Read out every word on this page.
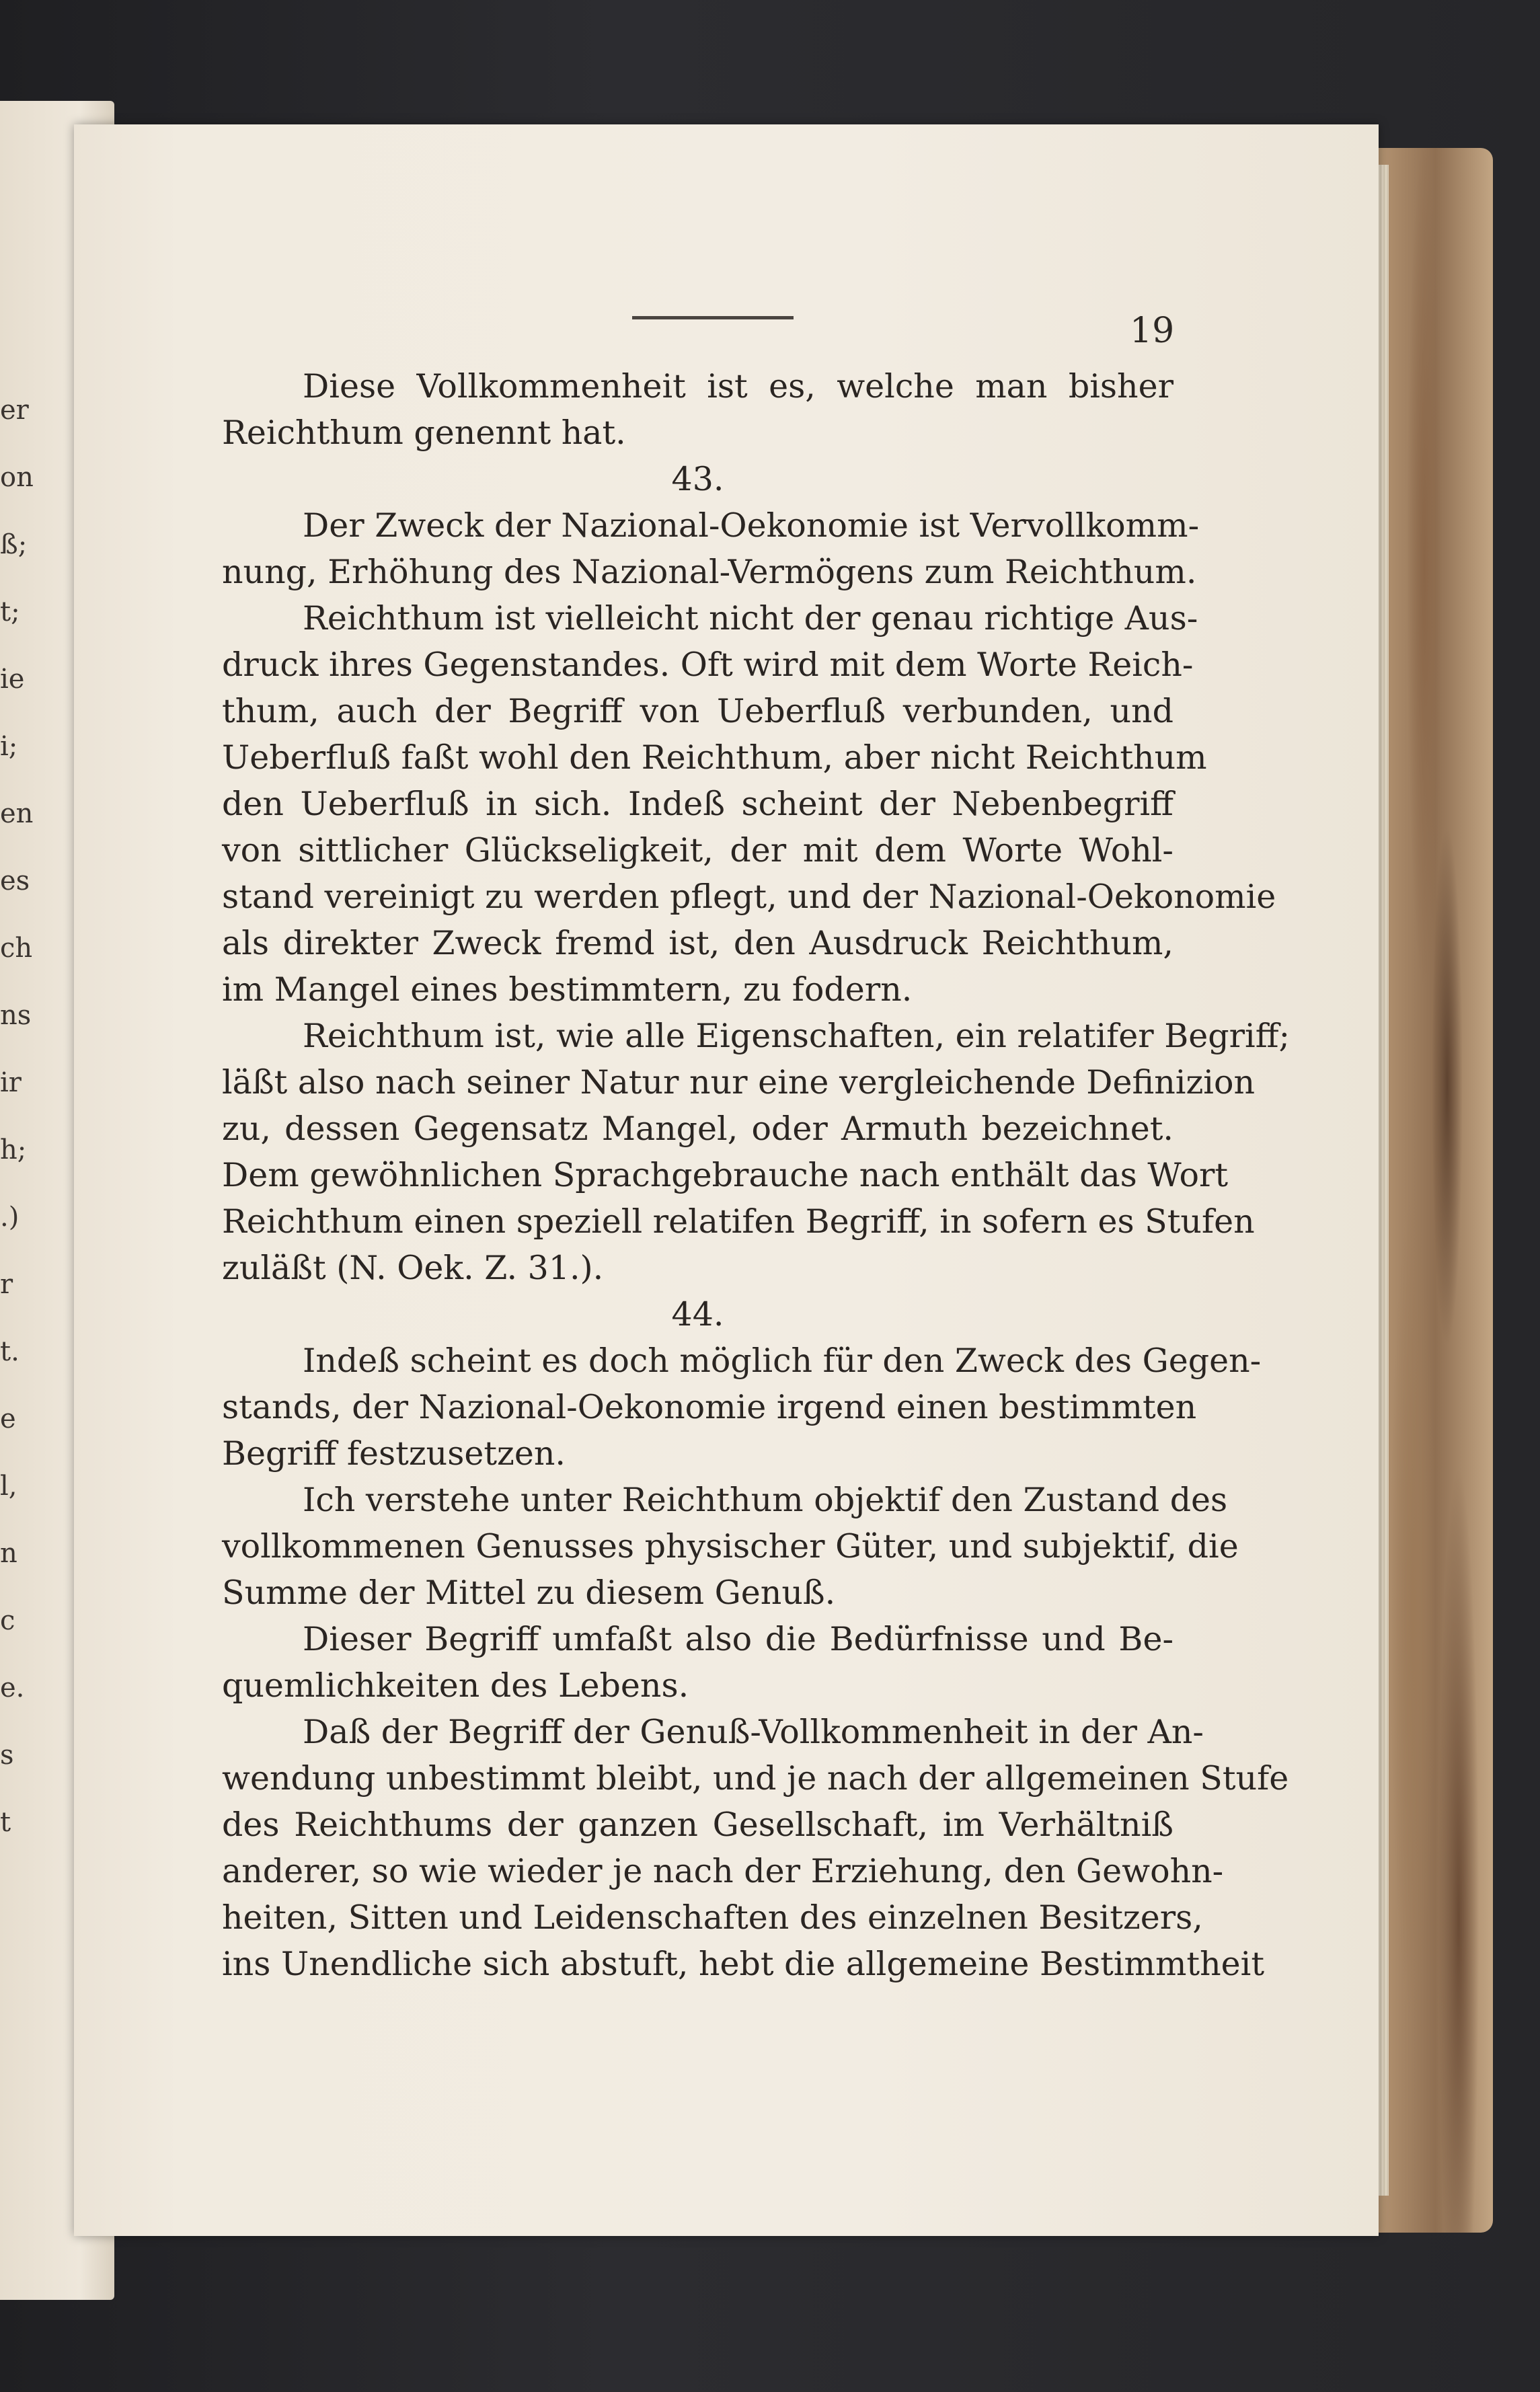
er
on
ß;
t;
ie
i;
en
es
ch
ns
ir
h;
.)
r
t.
e
l,
n
c
e.
s
t
19
Diese Vollkommenheit ist es, welche man bisher
Reichthum genennt hat.
43.
Der Zweck der Nazional-Oekonomie ist Vervollkomm-
nung, Erhöhung des Nazional-Vermögens zum Reichthum.
Reichthum ist vielleicht nicht der genau richtige Aus-
druck ihres Gegenstandes. Oft wird mit dem Worte Reich-
thum, auch der Begriff von Ueberfluß verbunden, und
Ueberfluß faßt wohl den Reichthum, aber nicht Reichthum
den Ueberfluß in sich. Indeß scheint der Nebenbegriff
von sittlicher Glückseligkeit, der mit dem Worte Wohl-
stand vereinigt zu werden pflegt, und der Nazional-Oekonomie
als direkter Zweck fremd ist, den Ausdruck Reichthum,
im Mangel eines bestimmtern, zu fodern.
Reichthum ist, wie alle Eigenschaften, ein relatifer Begriff;
läßt also nach seiner Natur nur eine vergleichende Definizion
zu, dessen Gegensatz Mangel, oder Armuth bezeichnet.
Dem gewöhnlichen Sprachgebrauche nach enthält das Wort
Reichthum einen speziell relatifen Begriff, in sofern es Stufen
zuläßt (N. Oek. Z. 31.).
44.
Indeß scheint es doch möglich für den Zweck des Gegen-
stands, der Nazional-Oekonomie irgend einen bestimmten
Begriff festzusetzen.
Ich verstehe unter Reichthum objektif den Zustand des
vollkommenen Genusses physischer Güter, und subjektif, die
Summe der Mittel zu diesem Genuß.
Dieser Begriff umfaßt also die Bedürfnisse und Be-
quemlichkeiten des Lebens.
Daß der Begriff der Genuß-Vollkommenheit in der An-
wendung unbestimmt bleibt, und je nach der allgemeinen Stufe
des Reichthums der ganzen Gesellschaft, im Verhältniß
anderer, so wie wieder je nach der Erziehung, den Gewohn-
heiten, Sitten und Leidenschaften des einzelnen Besitzers,
ins Unendliche sich abstuft, hebt die allgemeine Bestimmtheit
